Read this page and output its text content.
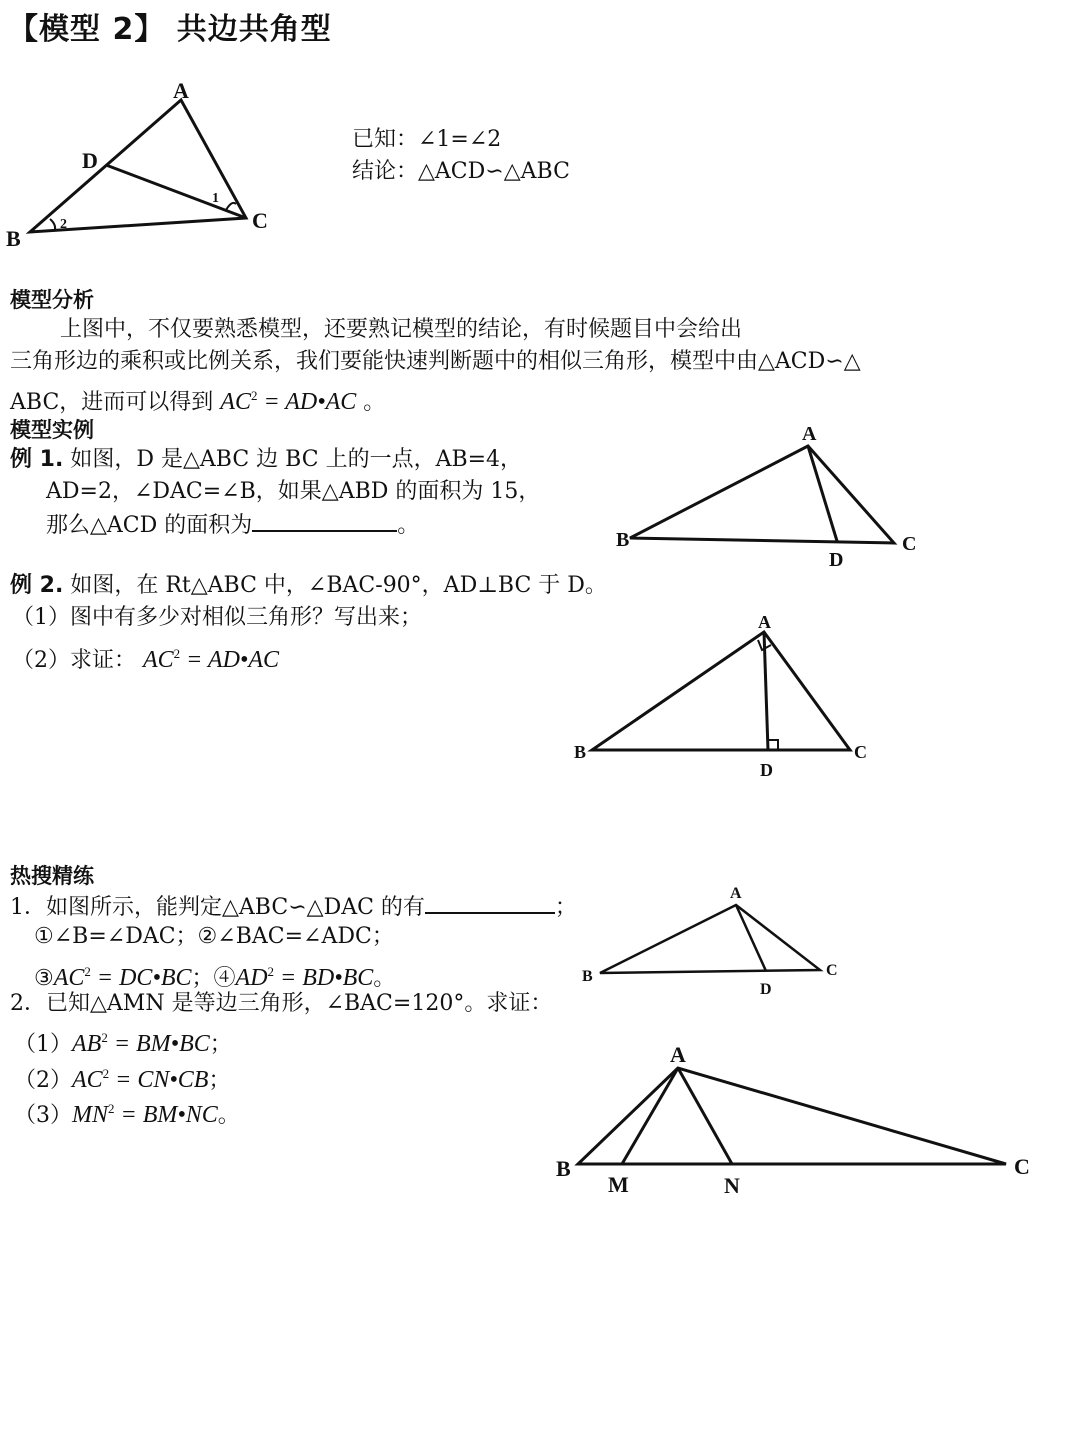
【模型 2】 共边共角型
A
D
B
C
1
2
已知：∠1=∠2
结论：△ACD∽△ABC
模型分析
上图中，不仅要熟悉模型，还要熟记模型的结论，有时候题目中会给出
三角形边的乘积或比例关系，我们要能快速判断题中的相似三角形，模型中由△ACD∽△
ABC，进而可以得到 $AC^2$ = AD•AC 。
模型实例
例 1. 如图，D 是△ABC 边 BC 上的一点，AB=4，
AD=2，∠DAC=∠B，如果△ABD 的面积为 15，
那么△ACD 的面积为	。
A
B	C
D
例 2. 如图，在 Rt△ABC 中，∠BAC-90°，AD⊥BC 于 D。
（1）图中有多少对相似三角形？写出来；
（2）求证： $AC^2$ = AD•AC
A
B	C
D
热搜精练
1．如图所示，能判定△ABC∽△DAC 的有	；
①∠B=∠DAC；②∠BAC=∠ADC；
$③AC^2$ = DC•BC；$④AD^2$ = BD•BC。
A
B	C
D
2．已知△AMN 是等边三角形，∠BAC=120°。求证：
$(1)AB^2$ = BM•BC；
$(2)AC^2$ = CN•CB；
$(3)MN^2$ = BM•NC。
A
B	C
M	N
